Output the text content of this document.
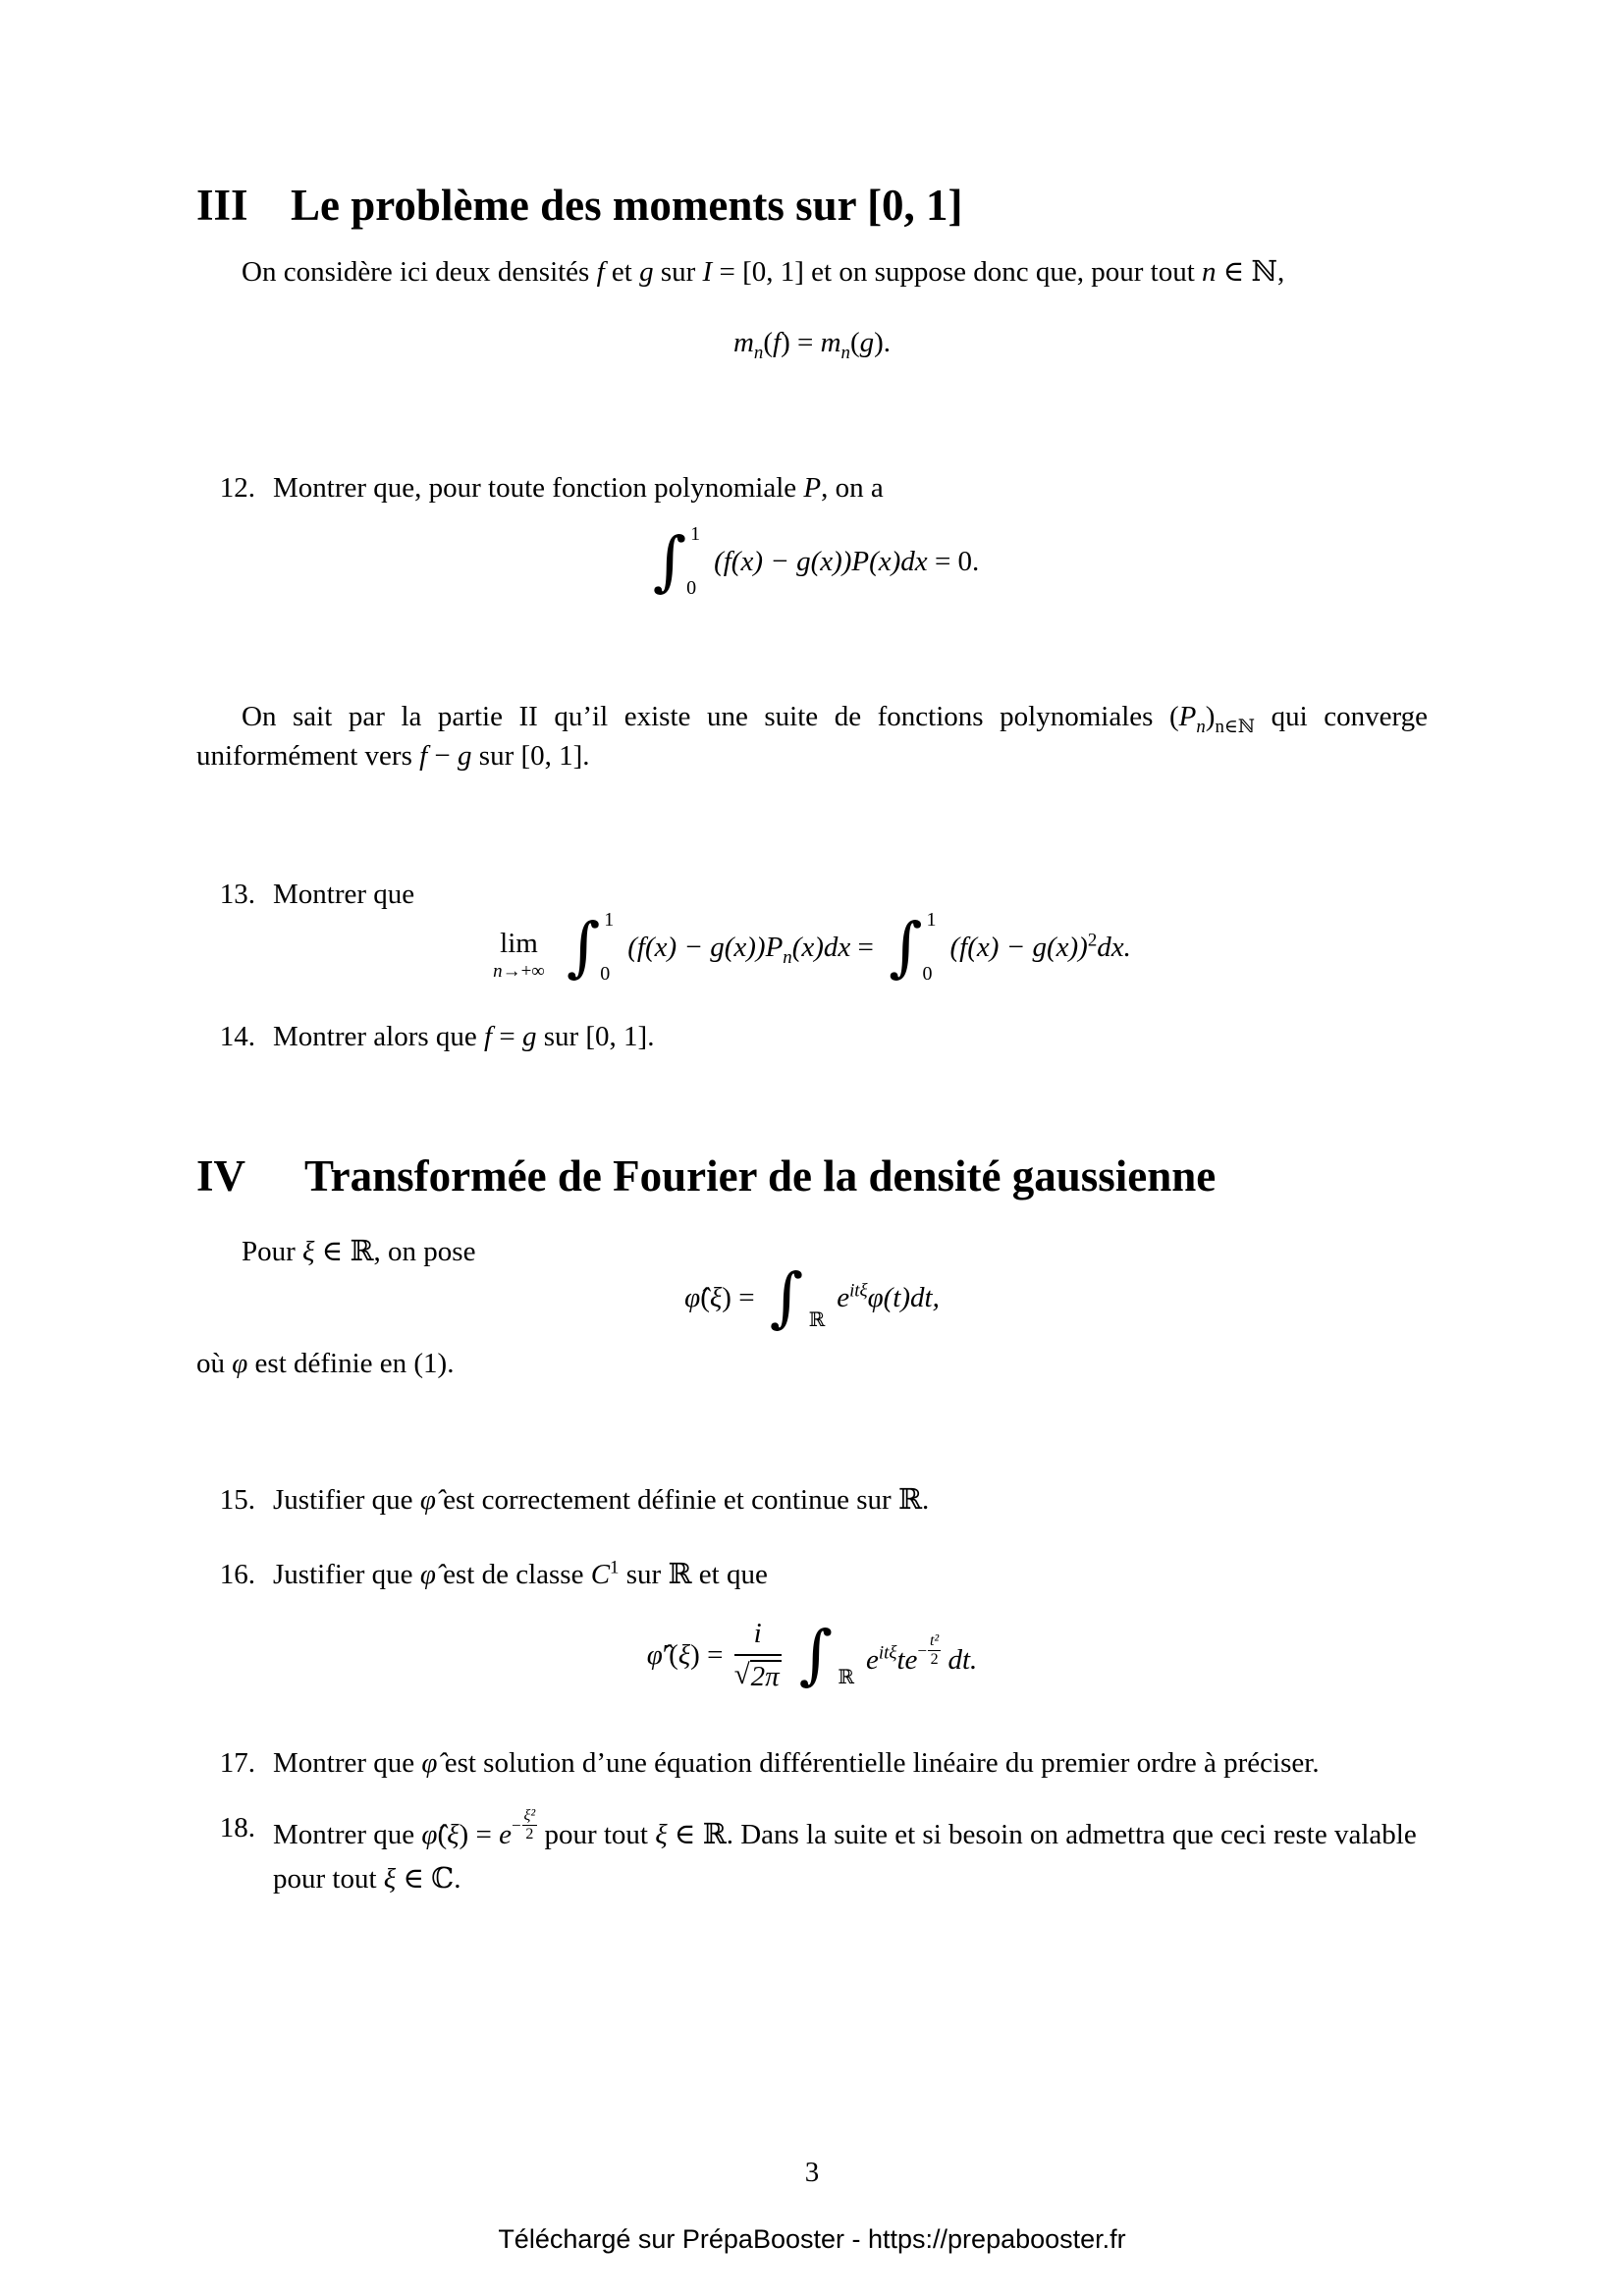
III Le problème des moments sur [0, 1]

On considère ici deux densités f et g sur I = [0, 1] et on suppose donc que, pour tout n ∈ ℕ,

$m_n(f) = m_n(g)$.
12. Montrer que, pour toute fonction polynomiale P, on a
∫ 1
0
(f(x) − g(x))P(x)dx = 0.

On sait par la partie II qu’il existe une suite de fonctions polynomiales $(P_n)_{n\in ℕ}$ qui converge uniformément vers f − g sur [0, 1].

13. Montrer que
lim
n→+∞ ∫ 1
0
$(f(x) - g(x))P_n(x)dx$ = ∫ 1
0
$(f(x) - g(x))^2dx$.
14. Montrer alors que f = g sur [0, 1].
IV Transformée de Fourier de la densité gaussienne

Pour ξ ∈ ℝ, on pose

φ̂(ξ) = ∫ ℝ
$e^{it\xi}\varphi(t)dt$,

où φ est définie en (1).

15. Justifier que φ̂ est correctement définie et continue sur ℝ.
16. Justifier que φ̂ est de classe $C^1$ sur ℝ et que
φ̂′(ξ) = $\frac{i}{√ 2\pi}$ ∫ ℝ
$e^{it\xi}te - \frac{\text{t²}}{2}$ dt.
17. Montrer que φ̂ est solution d’une équation différentielle linéaire du premier ordre à préciser.
18. Montrer que φ̂(ξ) = $e - \frac{\text{ξ²}}{2}$ pour tout ξ ∈ ℝ. Dans la suite et si besoin on admettra que ceci reste valable pour tout ξ ∈ ℂ.
3
Téléchargé sur PrépaBooster - https://prepabooster.fr
